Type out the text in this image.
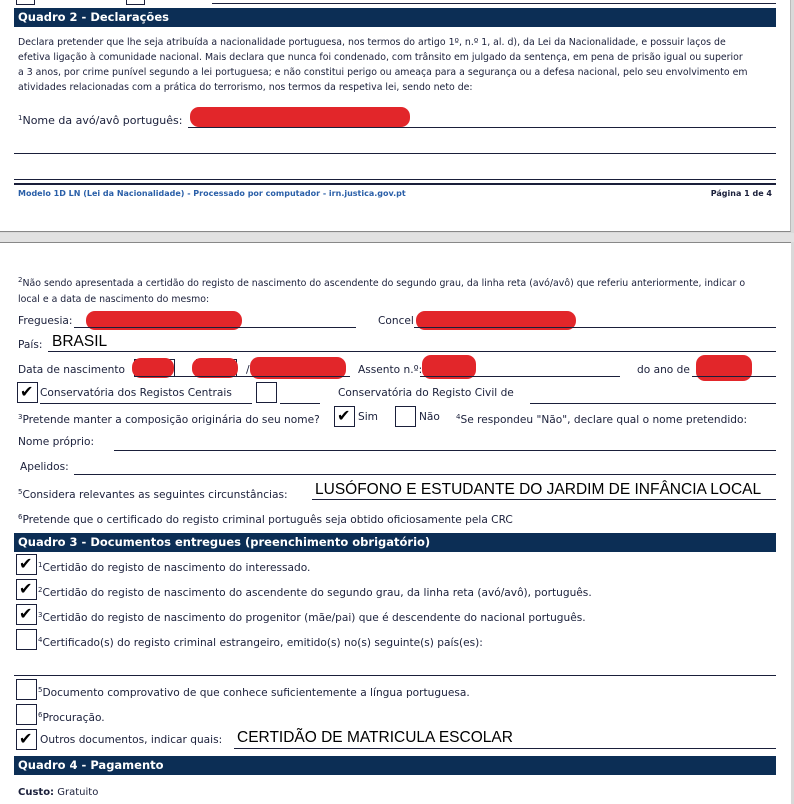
Quadro 2 - Declarações
Declara pretender que lhe seja atribuída a nacionalidade portuguesa, nos termos do artigo 1º, n.º 1, al. d), da Lei da Nacionalidade, e possuir laços de
efetiva ligação à comunidade nacional. Mais declara que nunca foi condenado, com trânsito em julgado da sentença, em pena de prisão igual ou superior
a 3 anos, por crime punível segundo a lei portuguesa; e não constitui perigo ou ameaça para a segurança ou a defesa nacional, pelo seu envolvimento em
atividades relacionadas com a prática do terrorismo, nos termos da respetiva lei, sendo neto de:
$^1$Nome da avó/avô português:
Modelo 1D LN (Lei da Nacionalidade) - Processado por computador - irn.justica.gov.pt	Página 1 de 4
$^2$Não sendo apresentada a certidão do registo de nascimento do ascendente do segundo grau, da linha reta (avó/avô) que referiu anteriormente, indicar o
local e a data de nascimento do mesmo:
Freguesia:	Concel
País: BRASIL
Data de nascimento	/	Assento n.º:	do ano de
✔ Conservatória dos Registos Centrais	Conservatória do Registo Civil de
$^3$Pretende manter a composição originária do seu nome? ✔ Sim	Não $^4$Se respondeu "Não", declare qual o nome pretendido:
Nome próprio:
Apelidos:
$^5$Considera relevantes as seguintes circunstâncias: LUSÓFONO E ESTUDANTE DO JARDIM DE INFÂNCIA LOCAL
$^6$Pretende que o certificado do registo criminal português seja obtido oficiosamente pela CRC
Quadro 3 - Documentos entregues (preenchimento obrigatório)
✔ $^1$Certidão do registo de nascimento do interessado.
✔ $^2$Certidão do registo de nascimento do ascendente do segundo grau, da linha reta (avó/avô), português.
✔ $^3$Certidão do registo de nascimento do progenitor (mãe/pai) que é descendente do nacional português.
$^4$Certificado(s) do registo criminal estrangeiro, emitido(s) no(s) seguinte(s) país(es):
$^5$Documento comprovativo de que conhece suficientemente a língua portuguesa.
$^6$Procuração.
✔ Outros documentos, indicar quais: CERTIDÃO DE MATRICULA ESCOLAR
Quadro 4 - Pagamento
Custo: Gratuito
